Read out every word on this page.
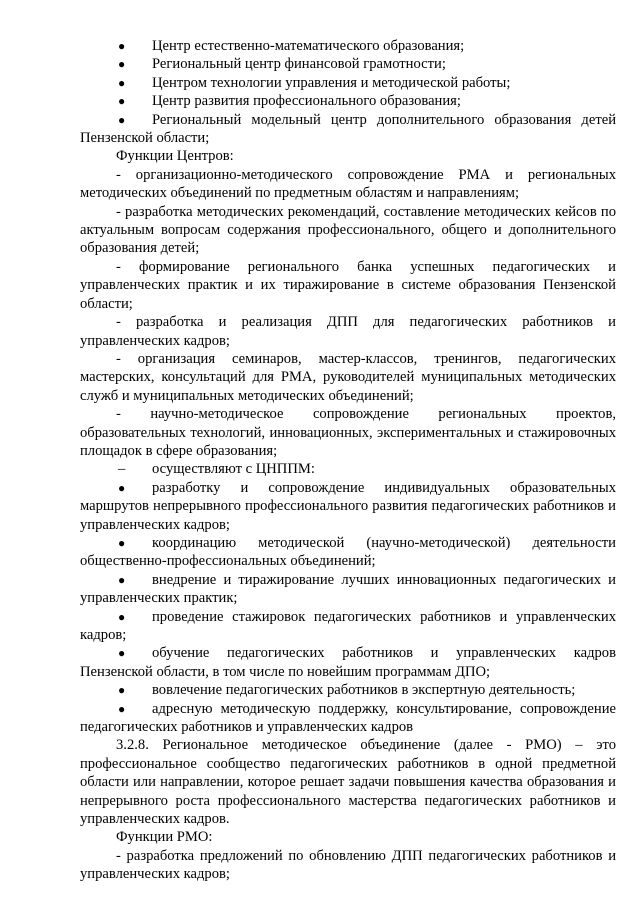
● Центр естественно-математического образования;
● Региональный центр финансовой грамотности;
● Центром технологии управления и методической работы;
● Центр развития профессионального образования;
● Региональный модельный центр дополнительного образования детей Пензенской области;

Функции Центров:

- организационно-методического сопровождение РМА и региональных методических объединений по предметным областям и направлениям;

- разработка методических рекомендаций, составление методических кейсов по актуальным вопросам содержания профессионального, общего и дополнительного образования детей;

- формирование регионального банка успешных педагогических и управленческих практик и их тиражирование в системе образования Пензенской области;

- разработка и реализация ДПП для педагогических работников и управленческих кадров;

- организация семинаров, мастер-классов, тренингов, педагогических мастерских, консультаций для РМА, руководителей муниципальных методических служб и муниципальных методических объединений;

- научно-методическое сопровождение региональных проектов, образовательных технологий, инновационных, экспериментальных и стажировочных площадок в сфере образования;

– осуществляют с ЦНППМ:
● разработку и сопровождение индивидуальных образовательных маршрутов непрерывного профессионального развития педагогических работников и управленческих кадров;
● координацию методической (научно-методической) деятельности общественно-профессиональных объединений;
● внедрение и тиражирование лучших инновационных педагогических и управленческих практик;
● проведение стажировок педагогических работников и управленческих кадров;
● обучение педагогических работников и управленческих кадров Пензенской области, в том числе по новейшим программам ДПО;
● вовлечение педагогических работников в экспертную деятельность;
● адресную методическую поддержку, консультирование, сопровождение педагогических работников и управленческих кадров

3.2.8. Региональное методическое объединение (далее - РМО) – это профессиональное сообщество педагогических работников в одной предметной области или направлении, которое решает задачи повышения качества образования и непрерывного роста профессионального мастерства педагогических работников и управленческих кадров.

Функции РМО:

- разработка предложений по обновлению ДПП педагогических работников и управленческих кадров;
